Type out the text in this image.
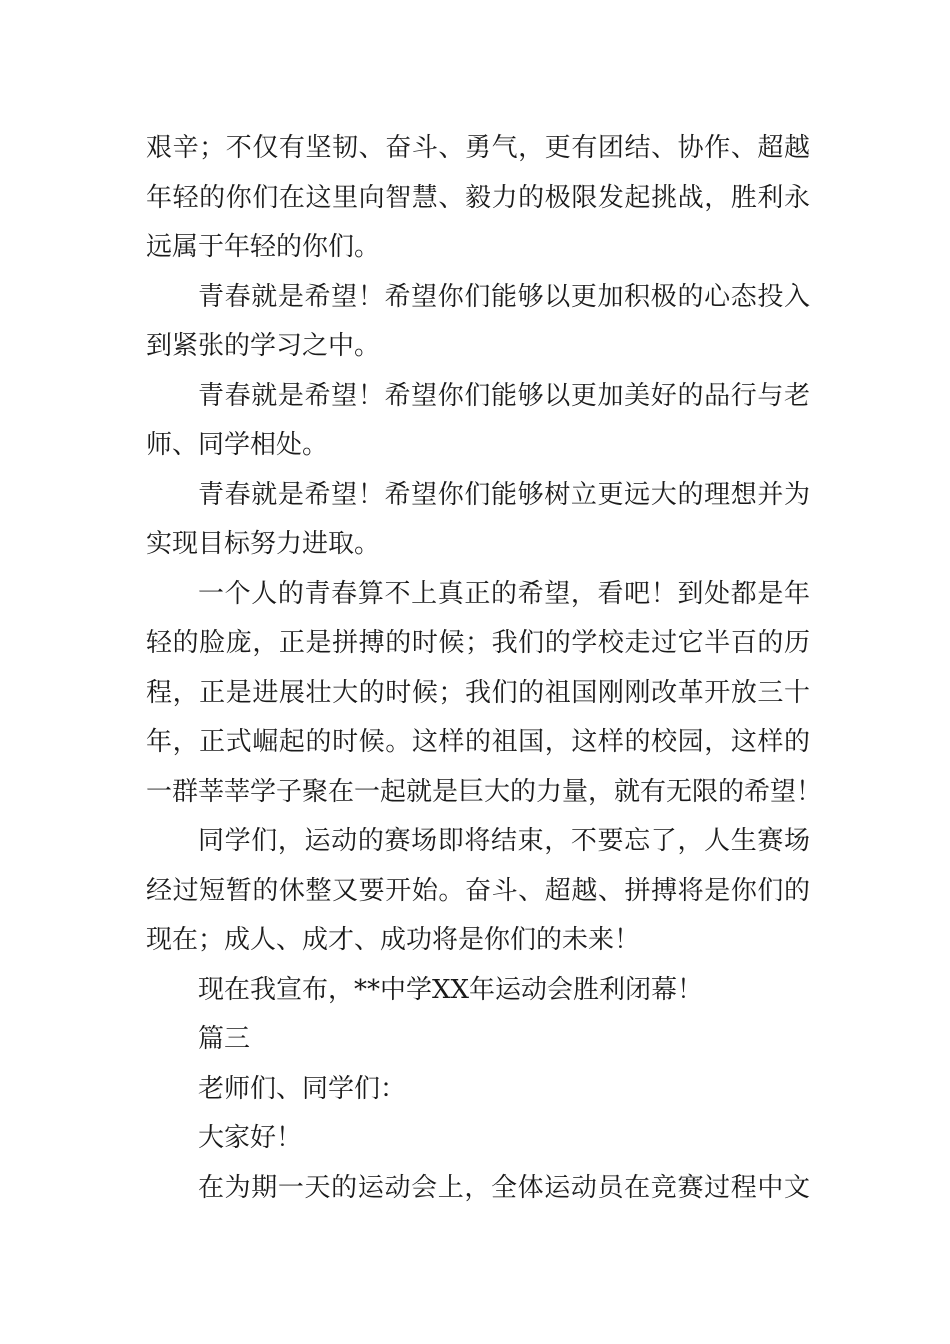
艰辛；不仅有坚韧、奋斗、勇气，更有团结、协作、超越
年轻的你们在这里向智慧、毅力的极限发起挑战，胜利永
远属于年轻的你们。
青春就是希望！希望你们能够以更加积极的心态投入
到紧张的学习之中。
青春就是希望！希望你们能够以更加美好的品行与老
师、同学相处。
青春就是希望！希望你们能够树立更远大的理想并为
实现目标努力进取。
一个人的青春算不上真正的希望，看吧！到处都是年
轻的脸庞，正是拼搏的时候；我们的学校走过它半百的历
程，正是进展壮大的时候；我们的祖国刚刚改革开放三十
年，正式崛起的时候。这样的祖国，这样的校园，这样的
一群莘莘学子聚在一起就是巨大的力量，就有无限的希望！
同学们，运动的赛场即将结束，不要忘了，人生赛场
经过短暂的休整又要开始。奋斗、超越、拼搏将是你们的
现在；成人、成才、成功将是你们的未来！
现在我宣布，**中学XX年运动会胜利闭幕！
篇三
老师们、同学们：
大家好！
在为期一天的运动会上，全体运动员在竞赛过程中文
